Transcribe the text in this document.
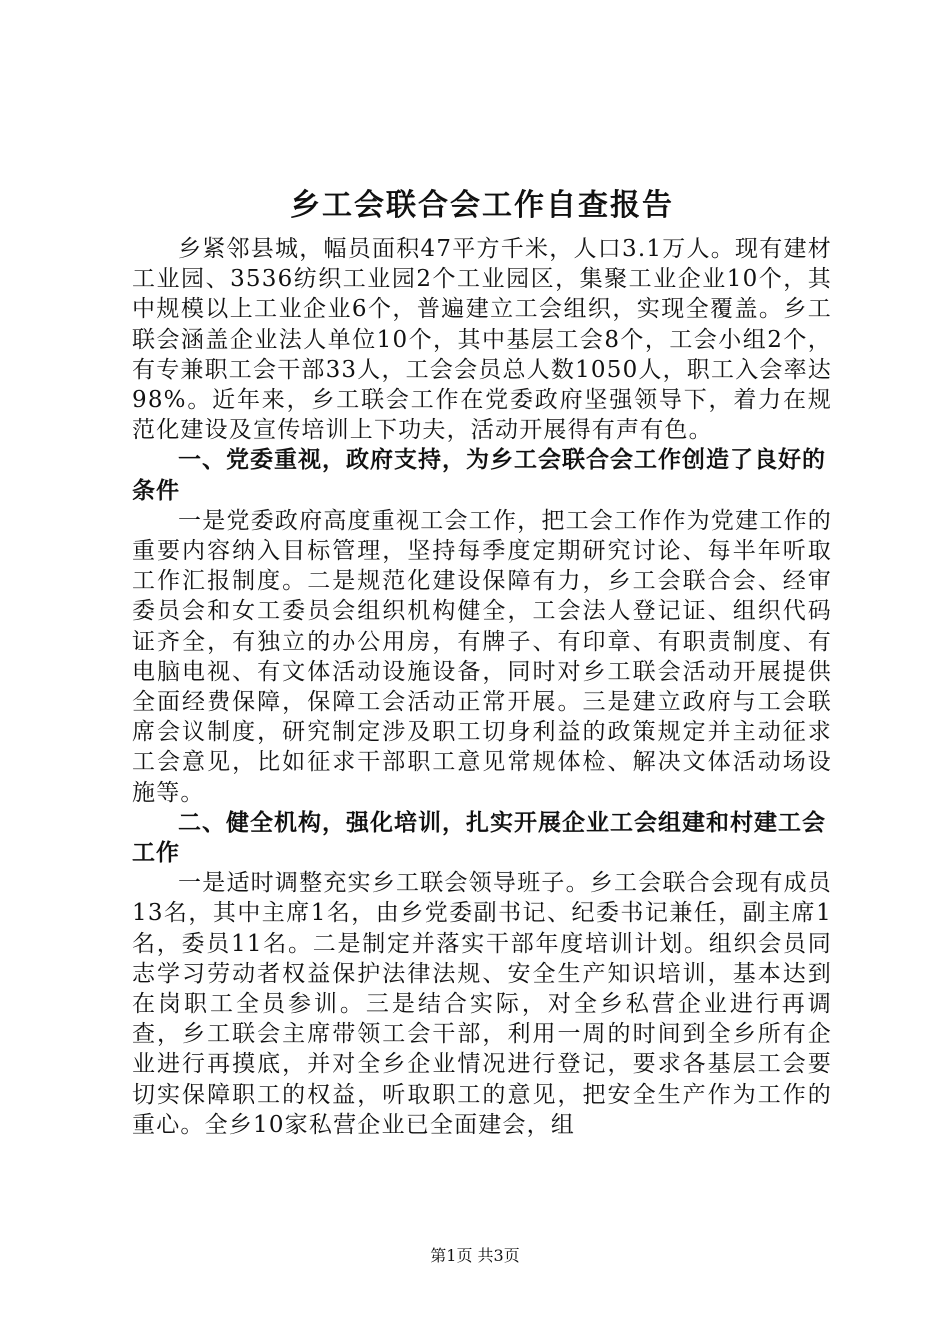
乡工会联合会工作自查报告

乡紧邻县城，幅员面积47平方千米，人口3.1万人。现有建材工业园、3536纺织工业园2个工业园区，集聚工业企业10个，其中规模以上工业企业6个，普遍建立工会组织，实现全覆盖。乡工联会涵盖企业法人单位10个，其中基层工会8个，工会小组2个，有专兼职工会干部33人，工会会员总人数1050人，职工入会率达98%。近年来，乡工联会工作在党委政府坚强领导下，着力在规范化建设及宣传培训上下功夫，活动开展得有声有色。

一、党委重视，政府支持，为乡工会联合会工作创造了良好的条件

一是党委政府高度重视工会工作，把工会工作作为党建工作的重要内容纳入目标管理，坚持每季度定期研究讨论、每半年听取工作汇报制度。二是规范化建设保障有力，乡工会联合会、经审委员会和女工委员会组织机构健全，工会法人登记证、组织代码证齐全，有独立的办公用房，有牌子、有印章、有职责制度、有电脑电视、有文体活动设施设备，同时对乡工联会活动开展提供全面经费保障，保障工会活动正常开展。三是建立政府与工会联席会议制度，研究制定涉及职工切身利益的政策规定并主动征求工会意见，比如征求干部职工意见常规体检、解决文体活动场设施等。

二、健全机构，强化培训，扎实开展企业工会组建和村建工会工作

一是适时调整充实乡工联会领导班子。乡工会联合会现有成员13名，其中主席1名，由乡党委副书记、纪委书记兼任，副主席1名，委员11名。二是制定并落实干部年度培训计划。组织会员同志学习劳动者权益保护法律法规、安全生产知识培训，基本达到在岗职工全员参训。三是结合实际，对全乡私营企业进行再调查，乡工联会主席带领工会干部，利用一周的时间到全乡所有企业进行再摸底，并对全乡企业情况进行登记，要求各基层工会要切实保障职工的权益，听取职工的意见，把安全生产作为工作的重心。全乡10家私营企业已全面建会，组

第1页 共3页
